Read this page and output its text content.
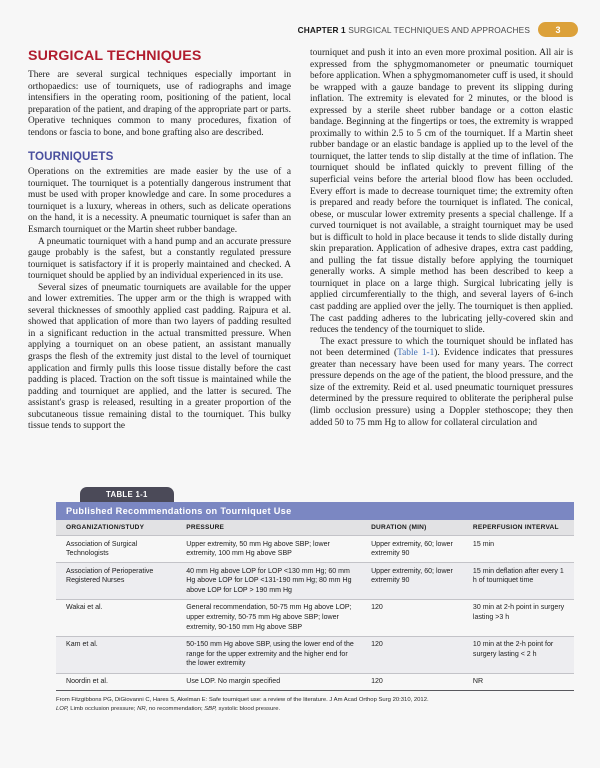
CHAPTER 1 SURGICAL TECHNIQUES AND APPROACHES	3
SURGICAL TECHNIQUES

There are several surgical techniques especially important in orthopaedics: use of tourniquets, use of radiographs and image intensifiers in the operating room, positioning of the patient, local preparation of the patient, and draping of the appropriate part or parts. Operative techniques common to many procedures, fixation of tendons or fascia to bone, and bone grafting also are described.

TOURNIQUETS

Operations on the extremities are made easier by the use of a tourniquet. The tourniquet is a potentially dangerous instrument that must be used with proper knowledge and care. In some procedures a tourniquet is a luxury, whereas in others, such as delicate operations on the hand, it is a necessity. A pneumatic tourniquet is safer than an Esmarch tourniquet or the Martin sheet rubber bandage.

A pneumatic tourniquet with a hand pump and an accurate pressure gauge probably is the safest, but a constantly regulated pressure tourniquet is satisfactory if it is properly maintained and checked. A tourniquet should be applied by an individual experienced in its use.

Several sizes of pneumatic tourniquets are available for the upper and lower extremities. The upper arm or the thigh is wrapped with several thicknesses of smoothly applied cast padding. Rajpura et al. showed that application of more than two layers of padding resulted in a significant reduction in the actual transmitted pressure. When applying a tourniquet on an obese patient, an assistant manually grasps the flesh of the extremity just distal to the level of tourniquet application and firmly pulls this loose tissue distally before the cast padding is placed. Traction on the soft tissue is maintained while the padding and tourniquet are applied, and the latter is secured. The assistant's grasp is released, resulting in a greater proportion of the subcutaneous tissue remaining distal to the tourniquet. This bulky tissue tends to support the

tourniquet and push it into an even more proximal position. All air is expressed from the sphygmomanometer or pneumatic tourniquet before application. When a sphygmomanometer cuff is used, it should be wrapped with a gauze bandage to prevent its slipping during inflation. The extremity is elevated for 2 minutes, or the blood is expressed by a sterile sheet rubber bandage or a cotton elastic bandage. Beginning at the fingertips or toes, the extremity is wrapped proximally to within 2.5 to 5 cm of the tourniquet. If a Martin sheet rubber bandage or an elastic bandage is applied up to the level of the tourniquet, the latter tends to slip distally at the time of inflation. The tourniquet should be inflated quickly to prevent filling of the superficial veins before the arterial blood flow has been occluded. Every effort is made to decrease tourniquet time; the extremity often is prepared and ready before the tourniquet is inflated. The conical, obese, or muscular lower extremity presents a special challenge. If a curved tourniquet is not available, a straight tourniquet may be used but is difficult to hold in place because it tends to slide distally during skin preparation. Application of adhesive drapes, extra cast padding, and pulling the fat tissue distally before applying the tourniquet generally works. A simple method has been described to keep a tourniquet in place on a large thigh. Surgical lubricating jelly is applied circumferentially to the thigh, and several layers of 6-inch cast padding are applied over the jelly. The tourniquet is then applied. The cast padding adheres to the lubricating jelly-covered skin and reduces the tendency of the tourniquet to slide.

The exact pressure to which the tourniquet should be inflated has not been determined (Table 1-1). Evidence indicates that pressures greater than necessary have been used for many years. The correct pressure depends on the age of the patient, the blood pressure, and the size of the extremity. Reid et al. used pneumatic tourniquet pressures determined by the pressure required to obliterate the peripheral pulse (limb occlusion pressure) using a Doppler stethoscope; they then added 50 to 75 mm Hg to allow for collateral circulation and

TABLE 1-1
Published Recommendations on Tourniquet Use
ORGANIZATION/STUDY	PRESSURE	DURATION (MIN)	REPERFUSION INTERVAL
Association of Surgical Technologists	Upper extremity, 50 mm Hg above SBP; lower extremity, 100 mm Hg above SBP	Upper extremity, 60; lower extremity 90	15 min
Association of Perioperative Registered Nurses	40 mm Hg above LOP for LOP <130 mm Hg; 60 mm Hg above LOP for LOP <131-190 mm Hg; 80 mm Hg above LOP for LOP > 190 mm Hg	Upper extremity, 60; lower extremity 90	15 min deflation after every 1 h of tourniquet time
Wakai et al.	General recommendation, 50-75 mm Hg above LOP; upper extremity, 50-75 mm Hg above SBP; lower extremity, 90-150 mm Hg above SBP	120	30 min at 2-h point in surgery lasting >3 h
Kam et al.	50-150 mm Hg above SBP, using the lower end of the range for the upper extremity and the higher end for the lower extremity	120	10 min at the 2-h point for surgery lasting < 2 h
Noordin et al.	Use LOP. No margin specified	120	NR
From Fitzgibbons PG, DiGiovanni C, Hares S, Akelman E: Safe tourniquet use: a review of the literature. J Am Acad Orthop Surg 20:310, 2012.
LOP, Limb occlusion pressure; NR, no recommendation; SBP, systolic blood pressure.
